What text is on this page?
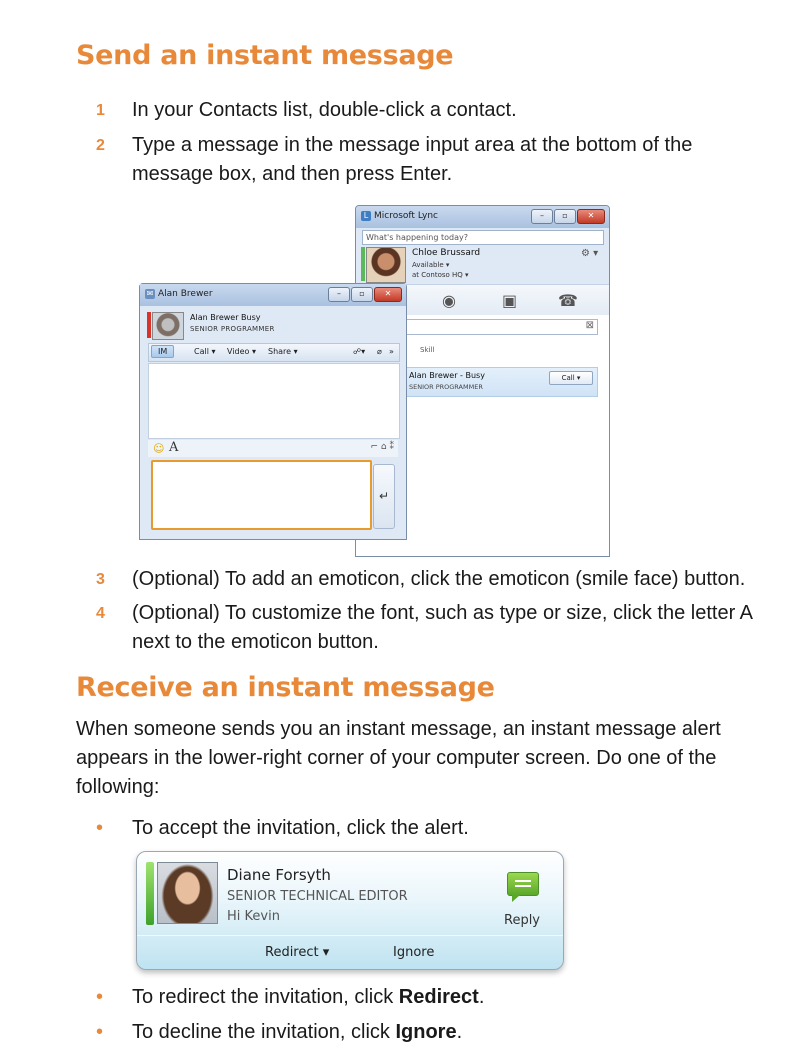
Send an instant message
1 In your Contacts list, double-click a contact.
2 Type a message in the message input area at the bottom of the message box, and then press Enter.
L Microsoft Lync	–	▫	✕
What's happening today?
Chloe Brussard
Available ▾
at Contoso HQ ▾
⚙ ▾
◉	▣	☎
⊠
Skill
Alan Brewer - Busy
SENIOR PROGRAMMER
Call ▾
✉ Alan Brewer	–	▫	✕
Alan Brewer Busy
SENIOR PROGRAMMER
IM	Call ▾ Video ▾ Share ▾	☍▾ ⌀ »
☺ A	⌐ ⌂ ⁑
↵
3 (Optional) To add an emoticon, click the emoticon (smile face) button.
4 (Optional) To customize the font, such as type or size, click the letter A next to the emoticon button.
Receive an instant message
When someone sends you an instant message, an instant message alert appears in the lower-right corner of your computer screen. Do one of the following:
• To accept the invitation, click the alert.
Diane Forsyth
SENIOR TECHNICAL EDITOR
Hi Kevin	Reply
Redirect ▾	Ignore
• To redirect the invitation, click Redirect.
• To decline the invitation, click Ignore.
